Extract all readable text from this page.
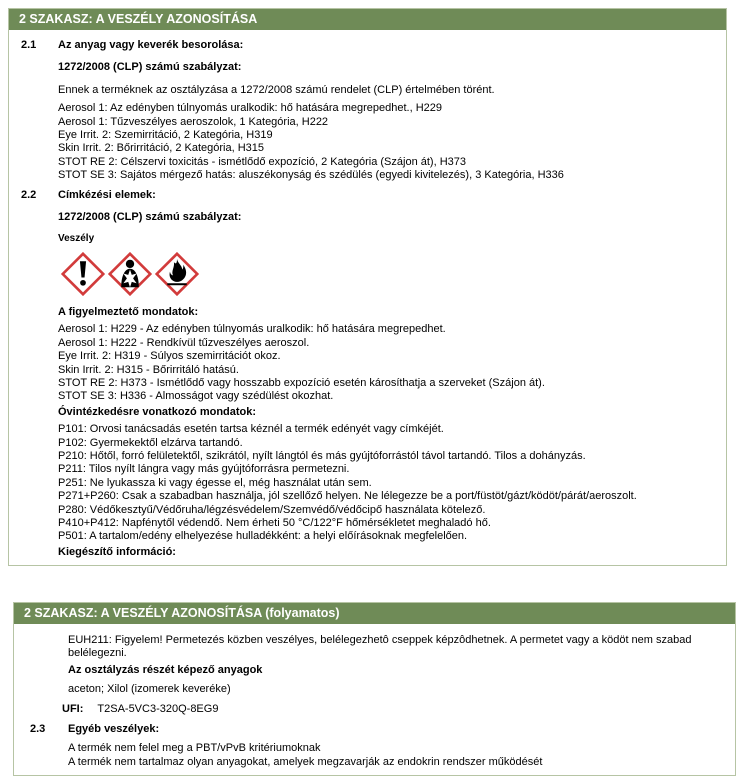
2 SZAKASZ: A VESZÉLY AZONOSÍTÁSA
2.1	Az anyag vagy keverék besorolása:
1272/2008 (CLP) számú szabályzat:
Ennek a terméknek az osztályzása a 1272/2008 számú rendelet (CLP) értelmében törént.
Aerosol 1: Az edényben túlnyomás uralkodik: hő hatására megrepedhet., H229
Aerosol 1: Tűzveszélyes aeroszolok, 1 Kategória, H222
Eye Irrit. 2: Szemirritáció, 2 Kategória, H319
Skin Irrit. 2: Bőrirritáció, 2 Kategória, H315
STOT RE 2: Célszervi toxicitás - ismétlődő expozíció, 2 Kategória (Szájon át), H373
STOT SE 3: Sajátos mérgező hatás: aluszékonyság és szédülés (egyedi kivitelezés), 3 Kategória, H336
2.2	Címkézési elemek:
1272/2008 (CLP) számú szabályzat:
Veszély
A figyelmeztető mondatok:
Aerosol 1: H229 - Az edényben túlnyomás uralkodik: hő hatására megrepedhet.
Aerosol 1: H222 - Rendkívül tűzveszélyes aeroszol.
Eye Irrit. 2: H319 - Súlyos szemirritációt okoz.
Skin Irrit. 2: H315 - Bőrirritáló hatású.
STOT RE 2: H373 - Ismétlődő vagy hosszabb expozíció esetén károsíthatja a szerveket (Szájon át).
STOT SE 3: H336 - Almosságot vagy szédülést okozhat.
Óvintézkedésre vonatkozó mondatok:
P101: Orvosi tanácsadás esetén tartsa kéznél a termék edényét vagy címkéjét.
P102: Gyermekektől elzárva tartandó.
P210: Hőtől, forró felületektől, szikrától, nyílt lángtól és más gyújtóforrástól távol tartandó. Tilos a dohányzás.
P211: Tilos nyílt lángra vagy más gyújtóforrásra permetezni.
P251: Ne lyukassza ki vagy égesse el, még használat után sem.
P271+P260: Csak a szabadban használja, jól szellőző helyen. Ne lélegezze be a port/füstöt/gázt/ködöt/párát/aeroszolt.
P280: Védőkesztyű/Védőruha/légzésvédelem/Szemvédő/védőcipő használata kötelező.
P410+P412: Napfénytől védendő. Nem érheti 50 °C/122°F hőmérsékletet meghaladó hő.
P501: A tartalom/edény elhelyezése hulladékként: a helyi előírásoknak megfelelően.
Kiegészítő információ:
2 SZAKASZ: A VESZÉLY AZONOSÍTÁSA (folyamatos)
EUH211: Figyelem! Permetezés közben veszélyes, belélegezhetô cseppek képzôdhetnek. A permetet vagy a ködöt nem szabad belélegezni.
Az osztályzás részét képező anyagok
aceton; Xilol (izomerek keveréke)
UFI: T2SA-5VC3-320Q-8EG9
2.3	Egyéb veszélyek:
A termék nem felel meg a PBT/vPvB kritériumoknak
A termék nem tartalmaz olyan anyagokat, amelyek megzavarják az endokrin rendszer működését
